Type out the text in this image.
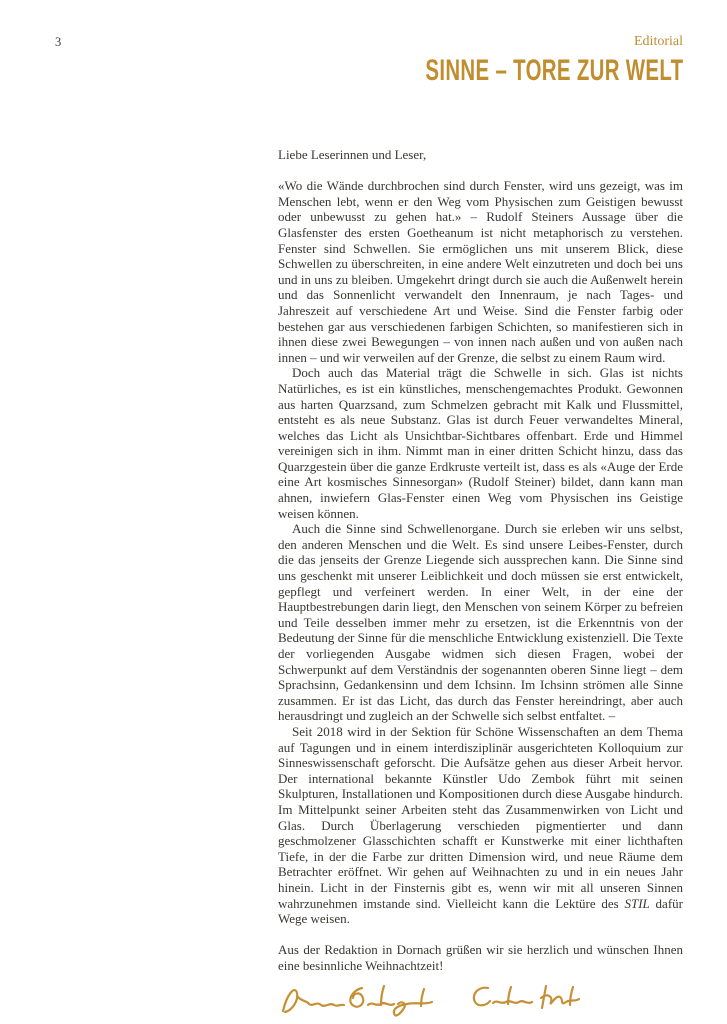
3	Editorial
SINNE – TORE ZUR WELT

Liebe Leserinnen und Leser,

«Wo die Wände durchbrochen sind durch Fenster, wird uns gezeigt, was im Menschen lebt, wenn er den Weg vom Physischen zum Geistigen bewusst oder unbewusst zu gehen hat.» – Rudolf Steiners Aussage über die Glasfenster des ersten Goetheanum ist nicht metaphorisch zu verstehen. Fenster sind Schwellen. Sie ermöglichen uns mit unserem Blick, diese Schwellen zu überschreiten, in eine andere Welt einzutreten und doch bei uns und in uns zu bleiben. Umgekehrt dringt durch sie auch die Außenwelt herein und das Sonnenlicht verwandelt den Innenraum, je nach Tages- und Jahreszeit auf verschiedene Art und Weise. Sind die Fenster farbig oder bestehen gar aus verschiedenen farbigen Schichten, so manifestieren sich in ihnen diese zwei Bewegungen – von innen nach außen und von außen nach innen – und wir verweilen auf der Grenze, die selbst zu einem Raum wird.

Doch auch das Material trägt die Schwelle in sich. Glas ist nichts Natürliches, es ist ein künstliches, menschengemachtes Produkt. Gewonnen aus harten Quarzsand, zum Schmelzen gebracht mit Kalk und Flussmittel, entsteht es als neue Substanz. Glas ist durch Feuer verwandeltes Mineral, welches das Licht als Unsichtbar-Sichtbares offenbart. Erde und Himmel vereinigen sich in ihm. Nimmt man in einer dritten Schicht hinzu, dass das Quarzgestein über die ganze Erdkruste verteilt ist, dass es als «Auge der Erde eine Art kosmisches Sinnesorgan» (Rudolf Steiner) bildet, dann kann man ahnen, inwiefern Glas-Fenster einen Weg vom Physischen ins Geistige weisen können.

Auch die Sinne sind Schwellenorgane. Durch sie erleben wir uns selbst, den anderen Menschen und die Welt. Es sind unsere Leibes-Fenster, durch die das jenseits der Grenze Liegende sich aussprechen kann. Die Sinne sind uns geschenkt mit unserer Leiblichkeit und doch müssen sie erst entwickelt, gepflegt und verfeinert werden. In einer Welt, in der eine der Hauptbestrebungen darin liegt, den Menschen von seinem Körper zu befreien und Teile desselben immer mehr zu ersetzen, ist die Erkenntnis von der Bedeutung der Sinne für die menschliche Entwicklung existenziell. Die Texte der vorliegenden Ausgabe widmen sich diesen Fragen, wobei der Schwerpunkt auf dem Verständnis der sogenannten oberen Sinne liegt – dem Sprachsinn, Gedankensinn und dem Ichsinn. Im Ichsinn strömen alle Sinne zusammen. Er ist das Licht, das durch das Fenster hereindringt, aber auch herausdringt und zugleich an der Schwelle sich selbst entfaltet. –

Seit 2018 wird in der Sektion für Schöne Wissenschaften an dem Thema auf Tagungen und in einem interdisziplinär ausgerichteten Kolloquium zur Sinneswissenschaft geforscht. Die Aufsätze gehen aus dieser Arbeit hervor. Der international bekannte Künstler Udo Zembok führt mit seinen Skulpturen, Installationen und Kompositionen durch diese Ausgabe hindurch. Im Mittelpunkt seiner Arbeiten steht das Zusammenwirken von Licht und Glas. Durch Überlagerung verschieden pigmentierter und dann geschmolzener Glasschichten schafft er Kunstwerke mit einer lichthaften Tiefe, in der die Farbe zur dritten Dimension wird, und neue Räume dem Betrachter eröffnet. Wir gehen auf Weihnachten zu und in ein neues Jahr hinein. Licht in der Finsternis gibt es, wenn wir mit all unseren Sinnen wahrzunehmen imstande sind. Vielleicht kann die Lektüre des STIL dafür Wege weisen.

Aus der Redaktion in Dornach grüßen wir sie herzlich und wünschen Ihnen eine besinnliche Weihnachtzeit!
